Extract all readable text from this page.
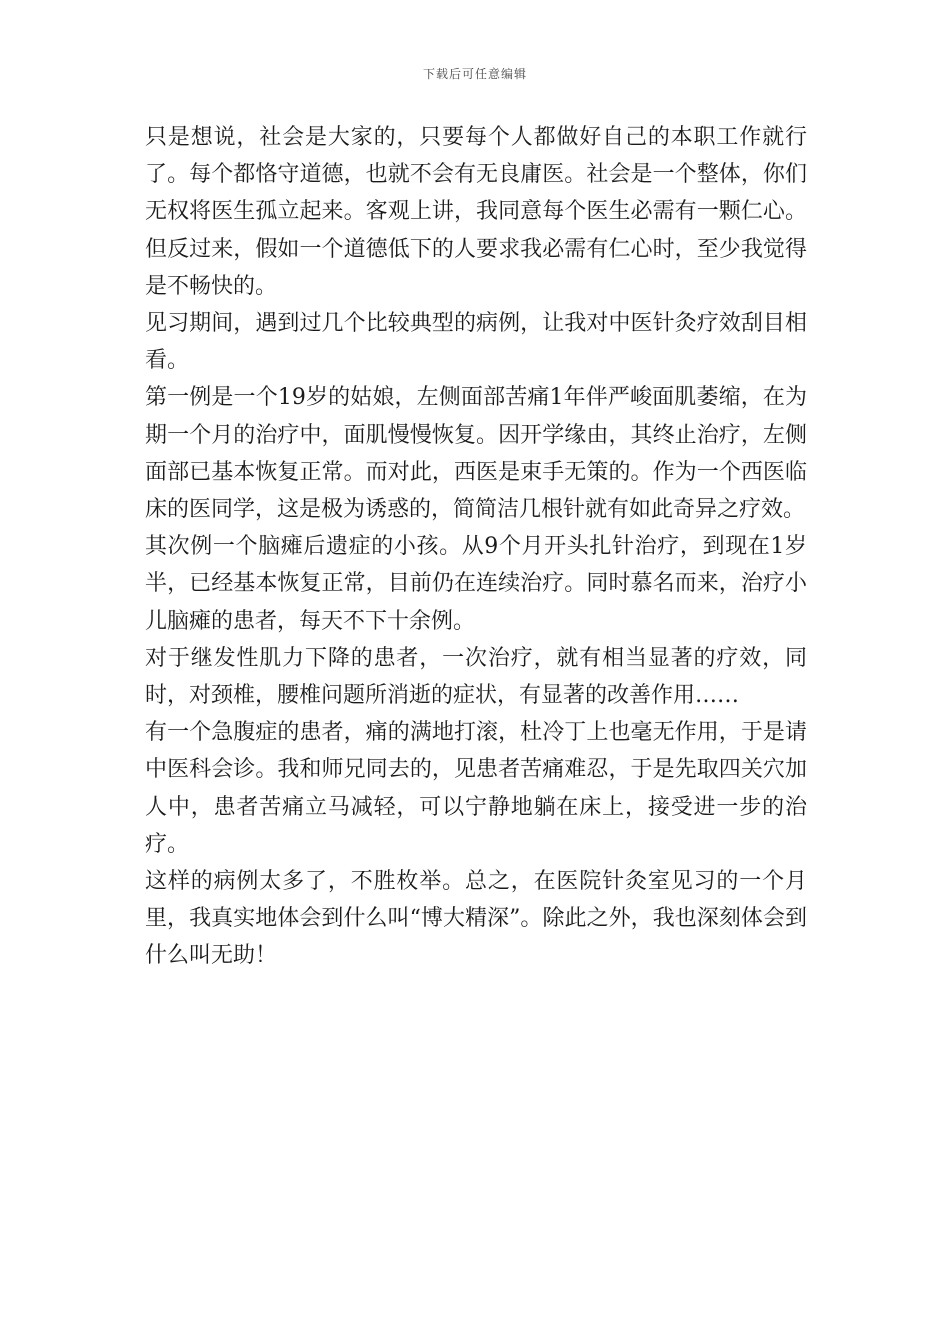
下载后可任意编辑

只是想说，社会是大家的，只要每个人都做好自己的本职工作就行了。每个都恪守道德，也就不会有无良庸医。社会是一个整体，你们无权将医生孤立起来。客观上讲，我同意每个医生必需有一颗仁心。但反过来，假如一个道德低下的人要求我必需有仁心时，至少我觉得是不畅快的。

见习期间，遇到过几个比较典型的病例，让我对中医针灸疗效刮目相看。

第一例是一个19岁的姑娘，左侧面部苦痛1年伴严峻面肌萎缩，在为期一个月的治疗中，面肌慢慢恢复。因开学缘由，其终止治疗，左侧面部已基本恢复正常。而对此，西医是束手无策的。作为一个西医临床的医同学，这是极为诱惑的，简简洁几根针就有如此奇异之疗效。

其次例一个脑瘫后遗症的小孩。从9个月开头扎针治疗，到现在1岁半，已经基本恢复正常，目前仍在连续治疗。同时慕名而来，治疗小儿脑瘫的患者，每天不下十余例。

对于继发性肌力下降的患者，一次治疗，就有相当显著的疗效，同时，对颈椎，腰椎问题所消逝的症状，有显著的改善作用……

有一个急腹症的患者，痛的满地打滚，杜冷丁上也毫无作用，于是请中医科会诊。我和师兄同去的，见患者苦痛难忍，于是先取四关穴加人中，患者苦痛立马减轻，可以宁静地躺在床上，接受进一步的治疗。

这样的病例太多了，不胜枚举。总之，在医院针灸室见习的一个月里，我真实地体会到什么叫“博大精深”。除此之外，我也深刻体会到什么叫无助！
